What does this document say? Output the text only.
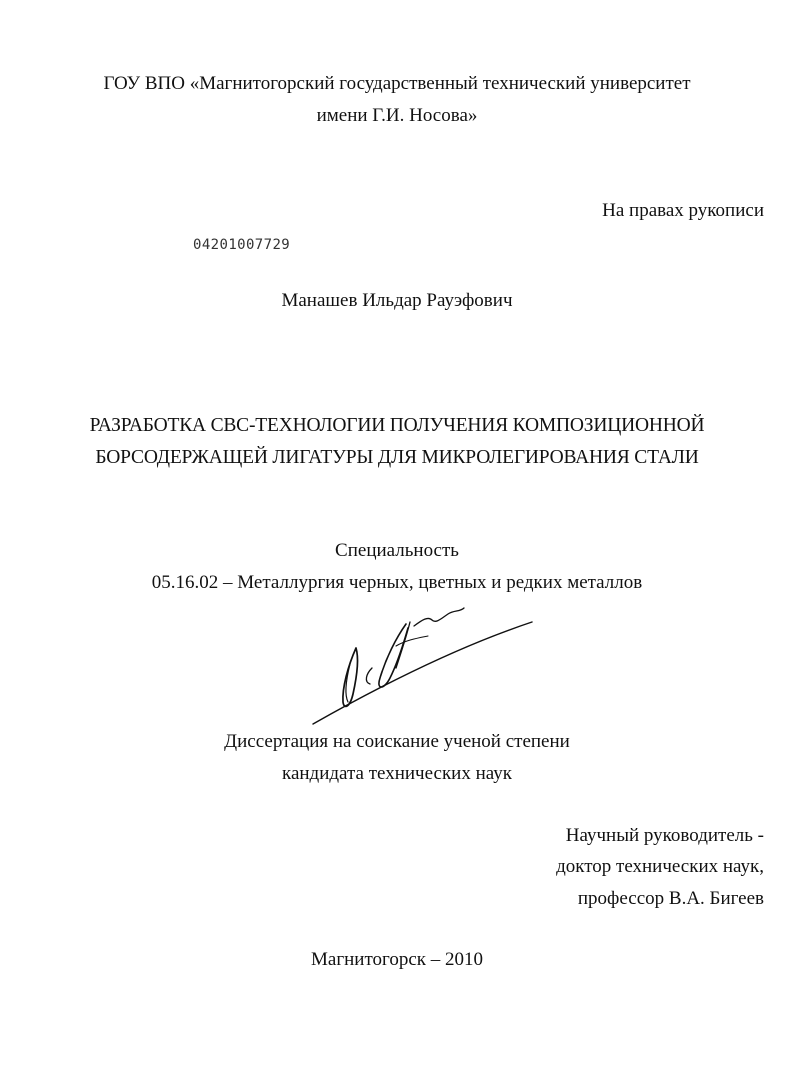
ГОУ ВПО «Магнитогорский государственный технический университет
имени Г.И. Носова»
На правах рукописи
04201007729
Манашев Ильдар Рауэфович
РАЗРАБОТКА СВС-ТЕХНОЛОГИИ ПОЛУЧЕНИЯ КОМПОЗИЦИОННОЙ
БОРСОДЕРЖАЩЕЙ ЛИГАТУРЫ ДЛЯ МИКРОЛЕГИРОВАНИЯ СТАЛИ
Специальность
05.16.02 – Металлургия черных, цветных и редких металлов
Диссертация на соискание ученой степени
кандидата технических наук
Научный руководитель -
доктор технических наук,
профессор В.А. Бигеев
Магнитогорск – 2010
